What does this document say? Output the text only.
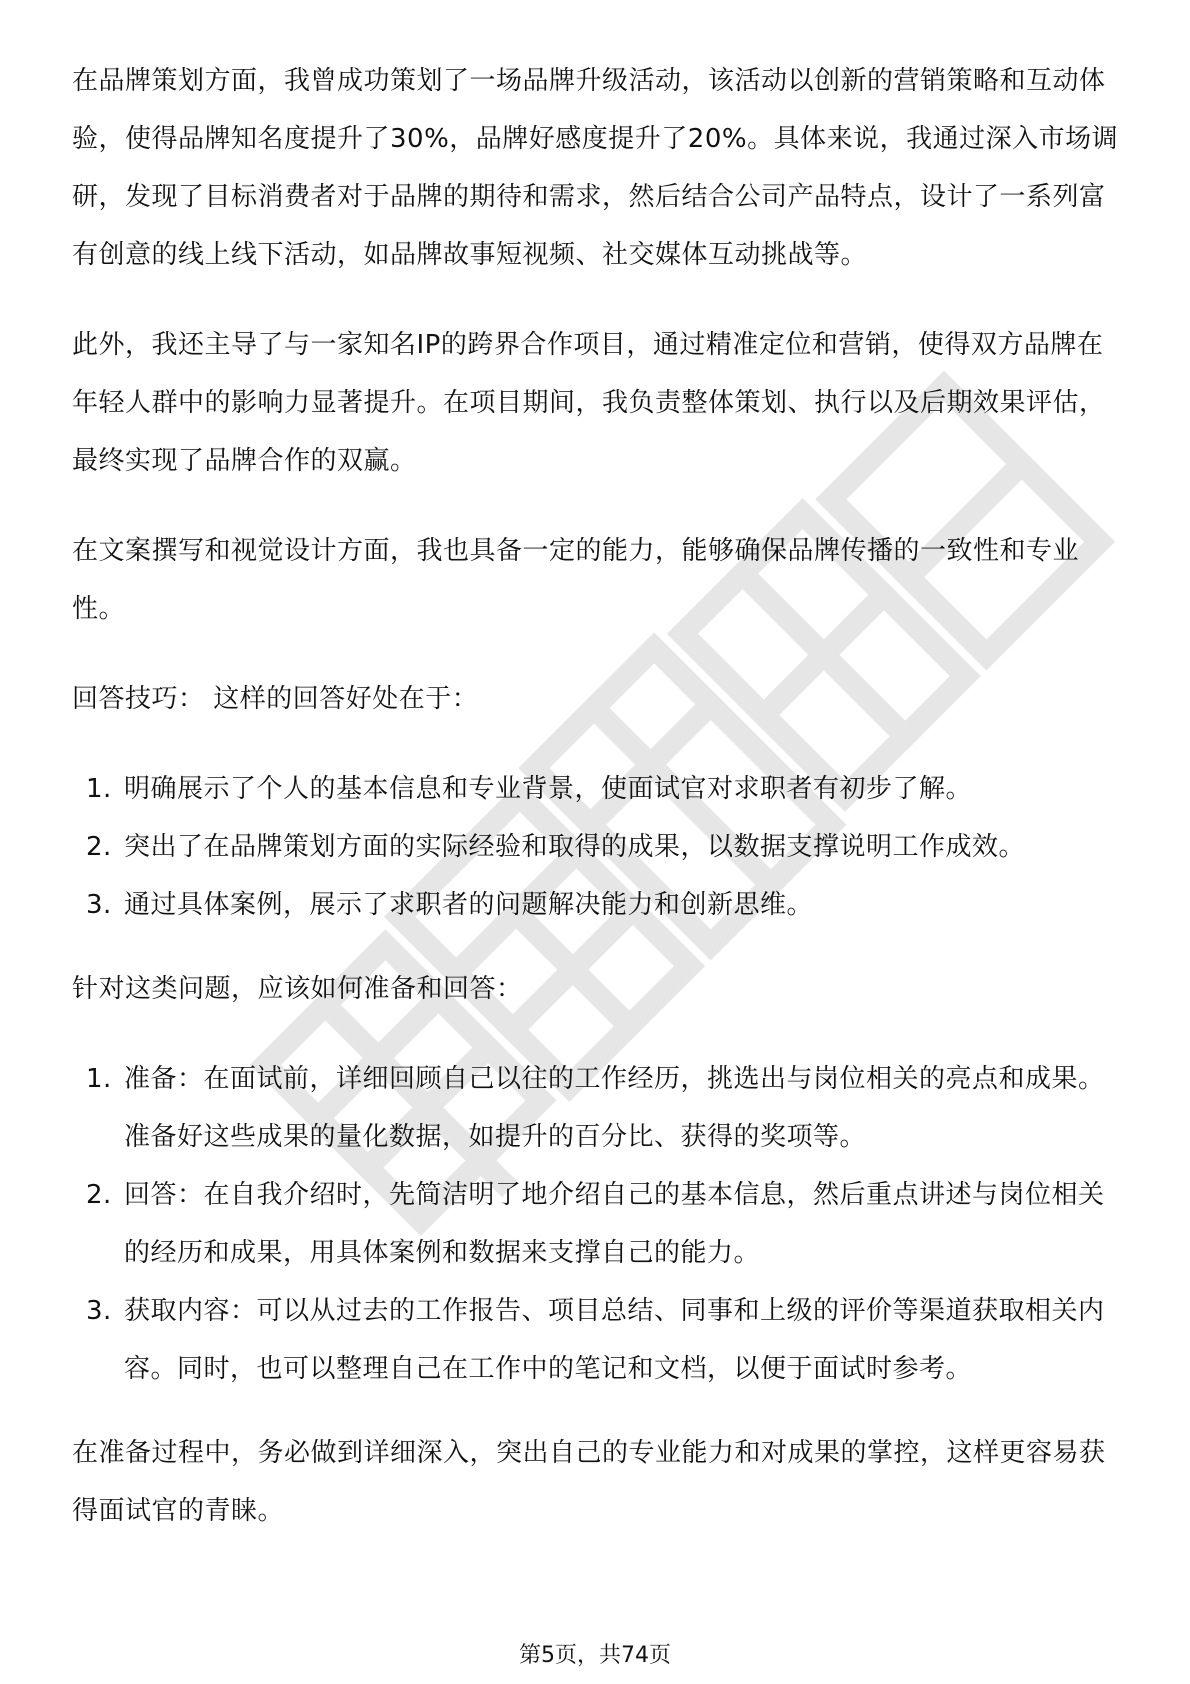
在品牌策划方面，我曾成功策划了一场品牌升级活动，该活动以创新的营销策略和互动体验，使得品牌知名度提升了30%，品牌好感度提升了20%。具体来说，我通过深入市场调研，发现了目标消费者对于品牌的期待和需求，然后结合公司产品特点，设计了一系列富有创意的线上线下活动，如品牌故事短视频、社交媒体互动挑战等。

此外，我还主导了与一家知名IP的跨界合作项目，通过精准定位和营销，使得双方品牌在年轻人群中的影响力显著提升。在项目期间，我负责整体策划、执行以及后期效果评估，最终实现了品牌合作的双赢。

在文案撰写和视觉设计方面，我也具备一定的能力，能够确保品牌传播的一致性和专业性。

回答技巧： 这样的回答好处在于：

1. 明确展示了个人的基本信息和专业背景，使面试官对求职者有初步了解。
2. 突出了在品牌策划方面的实际经验和取得的成果，以数据支撑说明工作成效。
3. 通过具体案例，展示了求职者的问题解决能力和创新思维。

针对这类问题，应该如何准备和回答：

1. 准备：在面试前，详细回顾自己以往的工作经历，挑选出与岗位相关的亮点和成果。准备好这些成果的量化数据，如提升的百分比、获得的奖项等。
2. 回答：在自我介绍时，先简洁明了地介绍自己的基本信息，然后重点讲述与岗位相关的经历和成果，用具体案例和数据来支撑自己的能力。
3. 获取内容：可以从过去的工作报告、项目总结、同事和上级的评价等渠道获取相关内容。同时，也可以整理自己在工作中的笔记和文档，以便于面试时参考。

在准备过程中，务必做到详细深入，突出自己的专业能力和对成果的掌控，这样更容易获得面试官的青睐。

第5页，共74页
